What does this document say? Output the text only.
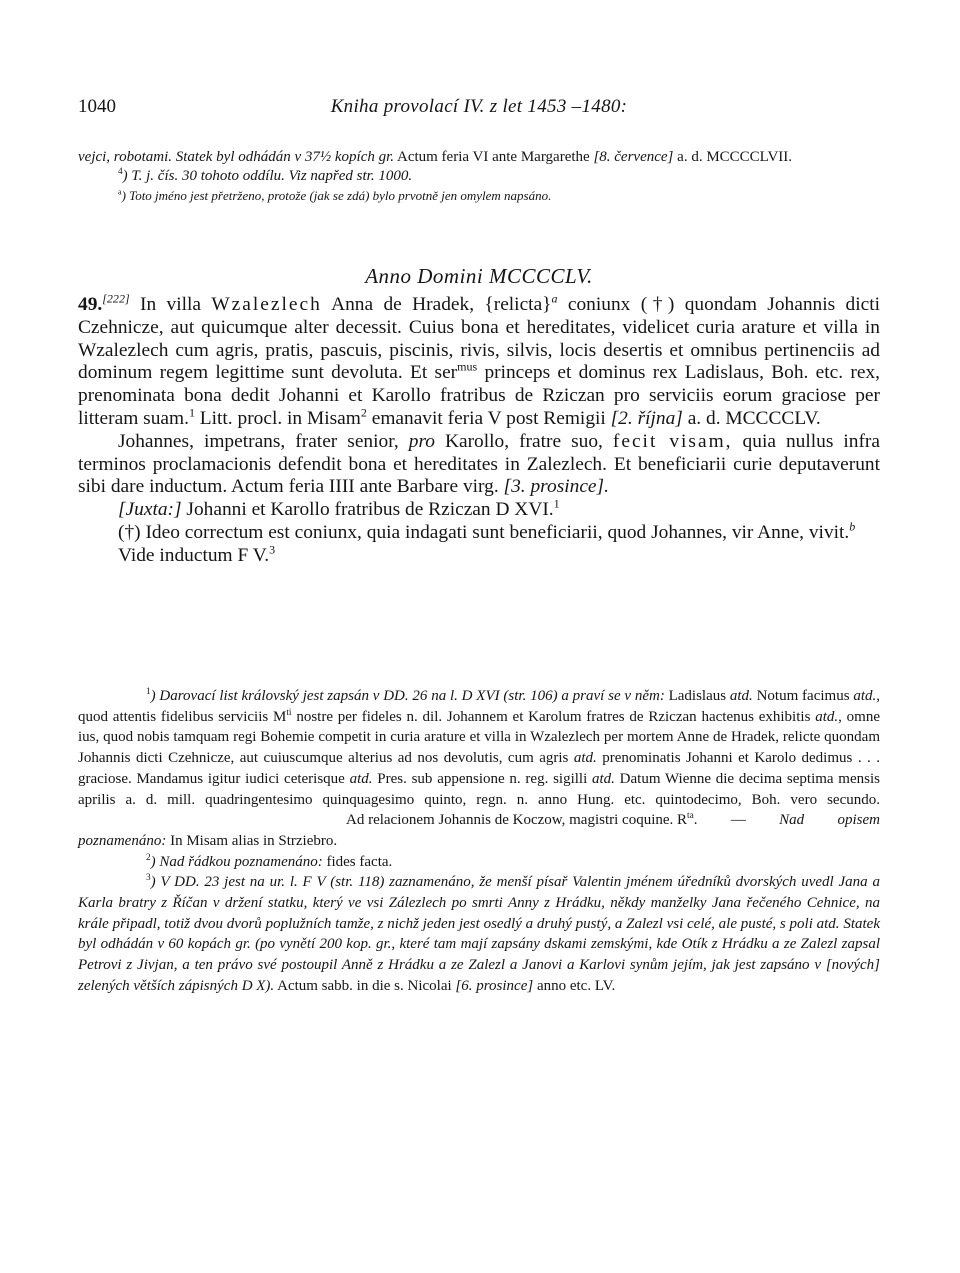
1040	Kniha provolací IV. z let 1453 –1480:

vejci, robotami. Statek byl odhádán v 37½ kopích gr. Actum feria VI ante Margarethe [8. července] a. d. MCCCCLVII.

$^4$) T. j. čís. 30 tohoto oddílu. Viz napřed str. 1000.

$^a$) Toto jméno jest přetrženo, protože (jak se zdá) bylo prvotně jen omylem napsáno.

Anno Domini MCCCCLV.

49.[222] In villa Wzalezlech Anna de Hradek, {relicta}$^a$ coniunx (†) quondam Johannis dicti Czehnicze, aut quicumque alter decessit. Cuius bona et hereditates, videlicet curia arature et villa in Wzalezlech cum agris, pratis, pascuis, piscinis, rivis, silvis, locis desertis et omnibus pertinenciis ad dominum regem legittime sunt devoluta. Et ser$^{mus}$ princeps et dominus rex Ladislaus, Boh. etc. rex, prenominata bona dedit Johanni et Karollo fratribus de Rziczan pro serviciis eorum graciose per litteram suam.$^1$ Litt. procl. in Misam$^2$ emanavit feria V post Remigii [2. října] a. d. MCCCCLV.

Johannes, impetrans, frater senior, pro Karollo, fratre suo, fecit visam, quia nullus infra terminos proclamacionis defendit bona et hereditates in Zalezlech. Et beneficiarii curie deputaverunt sibi dare inductum. Actum feria IIII ante Barbare virg. [3. prosince].

[Juxta:] Johanni et Karollo fratribus de Rziczan D XVI.$^1$

(†) Ideo correctum est coniunx, quia indagati sunt beneficiarii, quod Johannes, vir Anne, vivit.$^b$

Vide inductum F V.$^3$

$^1$) Darovací list královský jest zapsán v DD. 26 na l. D XVI (str. 106) a praví se v něm: Ladislaus atd. Notum facimus atd., quod attentis fidelibus serviciis $M^{ti}$ nostre per fideles n. dil. Johannem et Karolum fratres de Rziczan hactenus exhibitis atd., omne ius, quod nobis tamquam regi Bohemie competit in curia arature et villa in Wzalezlech per mortem Anne de Hradek, relicte quondam Johannis dicti Czehnicze, aut cuiuscumque alterius ad nos devolutis, cum agris atd. prenominatis Johanni et Karolo dedimus . . . graciose. Mandamus igitur iudici ceterisque atd. Pres. sub appensione n. reg. sigilli atd. Datum Wienne die decima septima mensis aprilis a. d. mill. quadringentesimo quinquagesimo quinto, regn. n. anno Hung. etc. quintodecimo, Boh. vero secundo.Ad relacionem Johannis de Koczow, magistri coquine. $R^{ta}$. — Nad opisem poznamenáno: In Misam alias in Strziebro.

$^2$) Nad řádkou poznamenáno: fides facta.

$^3$) V DD. 23 jest na ur. l. F V (str. 118) zaznamenáno, že menší písař Valentin jménem úředníků dvorských uvedl Jana a Karla bratry z Říčan v držení statku, který ve vsi Zálezlech po smrti Anny z Hrádku, někdy manželky Jana řečeného Cehnice, na krále připadl, totiž dvou dvorů poplužních tamže, z nichž jeden jest osedlý a druhý pustý, a Zalezl vsi celé, ale pusté, s poli atd. Statek byl odhádán v 60 kopách gr. (po vynětí 200 kop. gr., které tam mají zapsány dskami zemskými, kde Otík z Hrádku a ze Zalezl zapsal Petrovi z Jivjan, a ten právo své postoupil Anně z Hrádku a ze Zalezl a Janovi a Karlovi synům jejím, jak jest zapsáno v [nových] zelených větších zápisných D X). Actum sabb. in die s. Nicolai [6. prosince] anno etc. LV.
